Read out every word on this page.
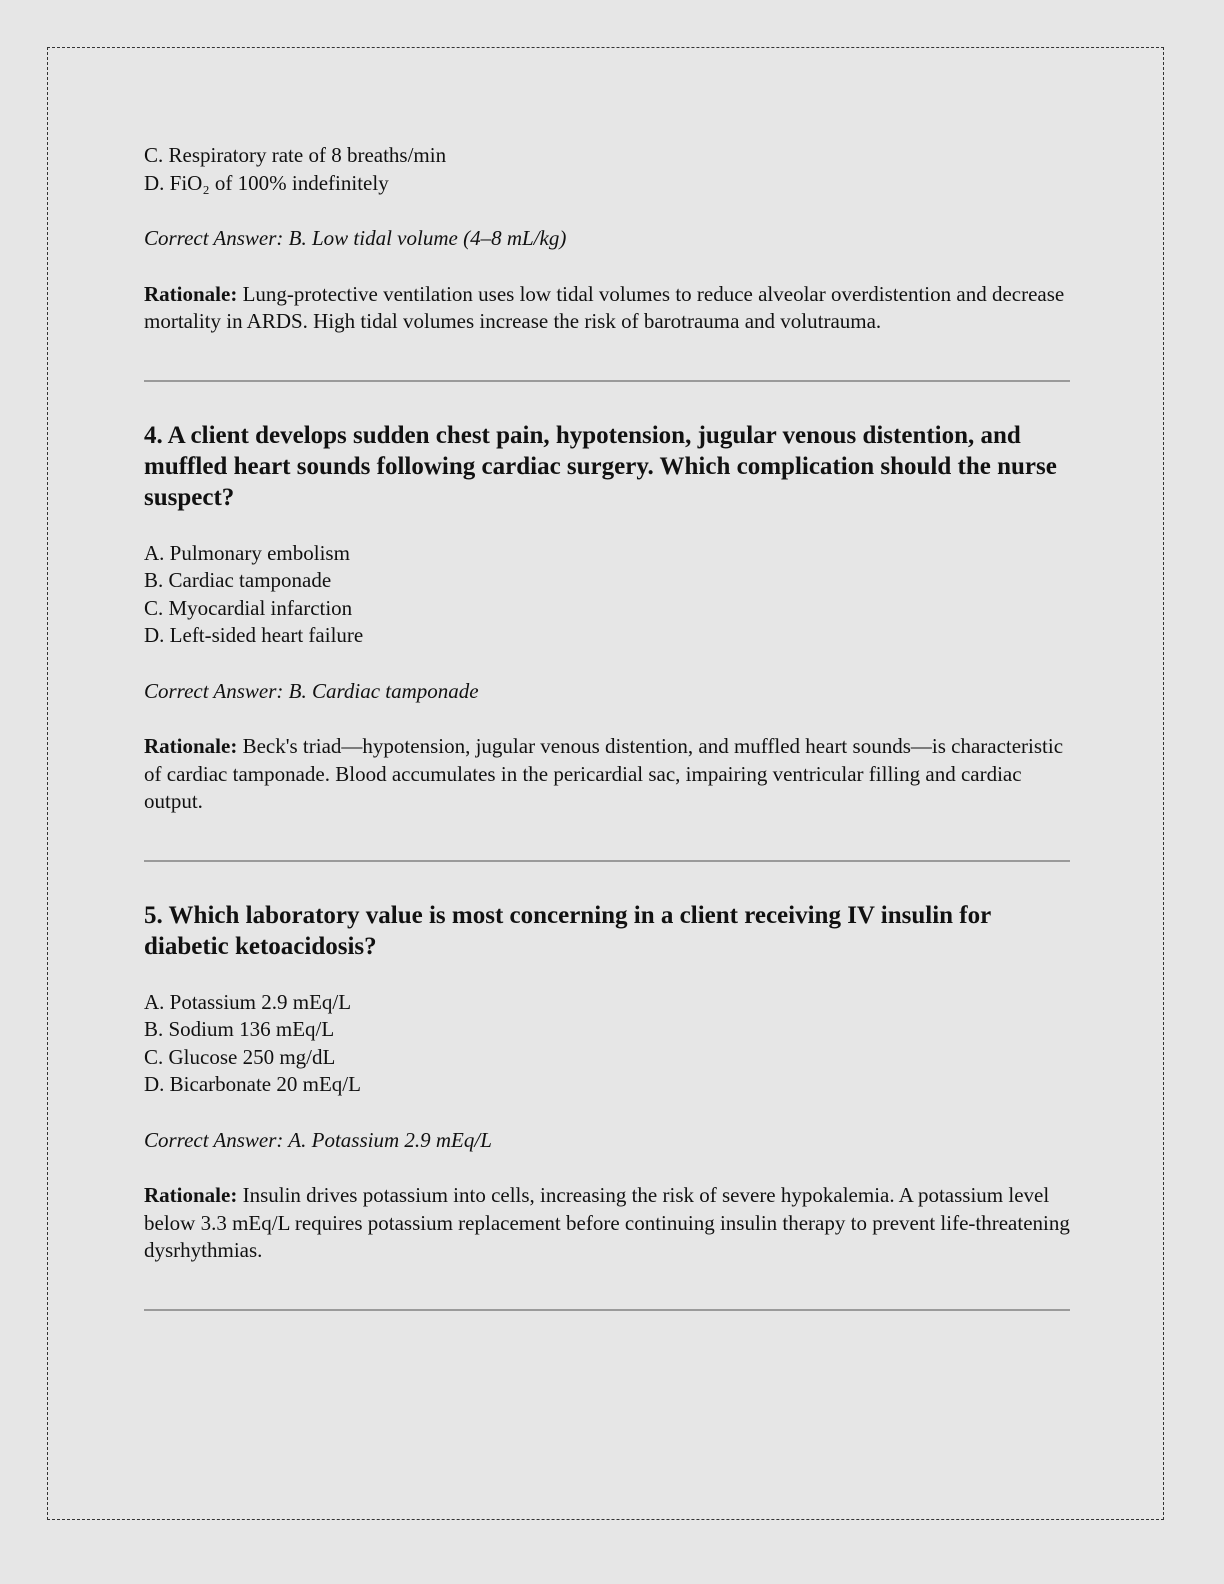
C. Respiratory rate of 8 breaths/min

D. FiO₂ of 100% indefinitely

Correct Answer: B. Low tidal volume (4–8 mL/kg)

Rationale: Lung-protective ventilation uses low tidal volumes to reduce alveolar overdistention and decrease mortality in ARDS. High tidal volumes increase the risk of barotrauma and volutrauma.

4. A client develops sudden chest pain, hypotension, jugular venous distention, and muffled heart sounds following cardiac surgery. Which complication should the nurse suspect?

A. Pulmonary embolism

B. Cardiac tamponade

C. Myocardial infarction

D. Left-sided heart failure

Correct Answer: B. Cardiac tamponade

Rationale: Beck's triad—hypotension, jugular venous distention, and muffled heart sounds—is characteristic of cardiac tamponade. Blood accumulates in the pericardial sac, impairing ventricular filling and cardiac output.

5. Which laboratory value is most concerning in a client receiving IV insulin for diabetic ketoacidosis?

A. Potassium 2.9 mEq/L

B. Sodium 136 mEq/L

C. Glucose 250 mg/dL

D. Bicarbonate 20 mEq/L

Correct Answer: A. Potassium 2.9 mEq/L

Rationale: Insulin drives potassium into cells, increasing the risk of severe hypokalemia. A potassium level below 3.3 mEq/L requires potassium replacement before continuing insulin therapy to prevent life-threatening dysrhythmias.
